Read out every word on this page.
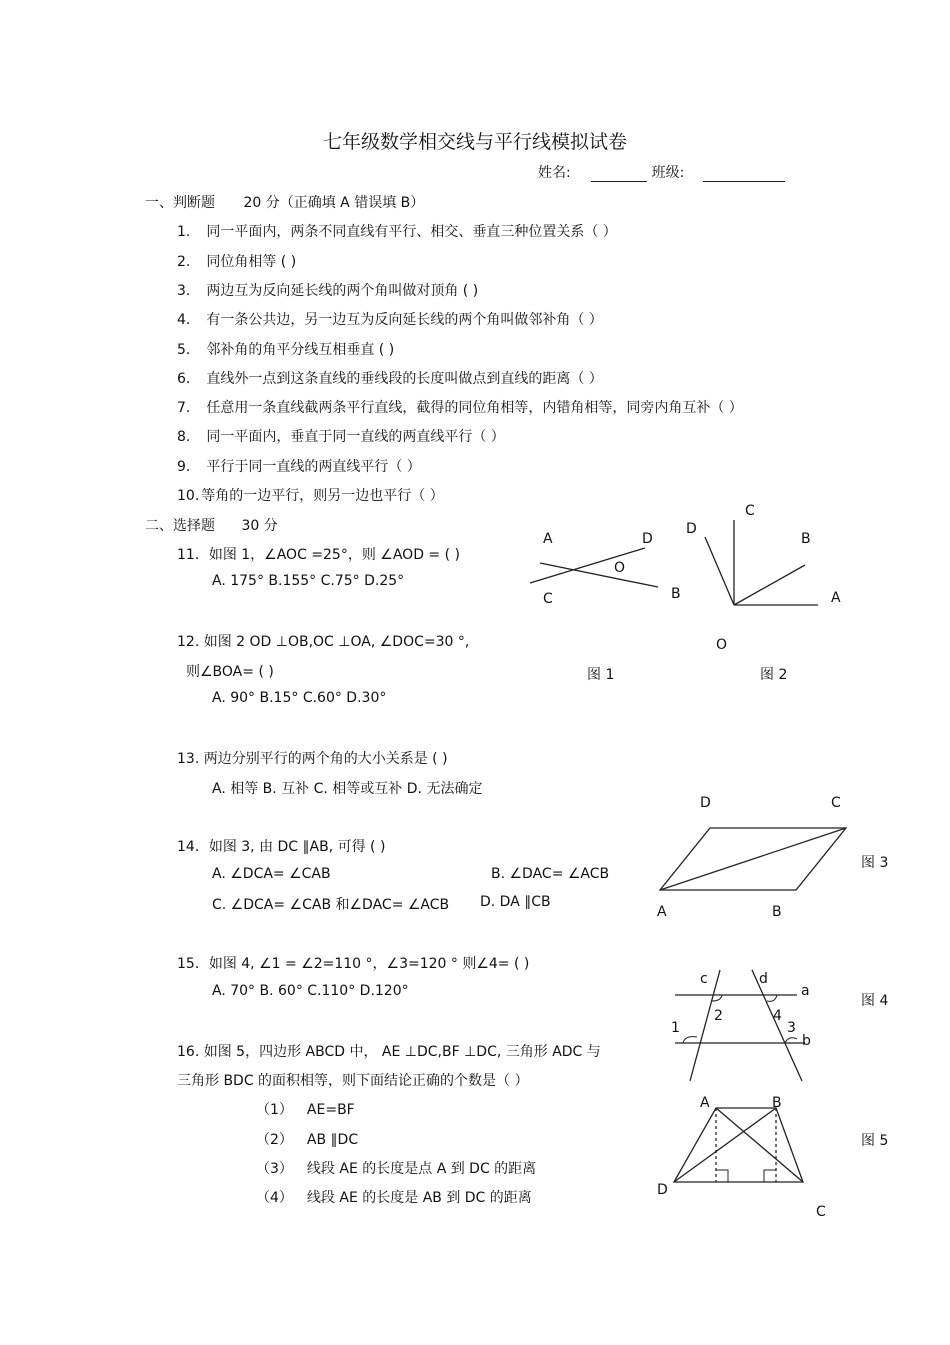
七年级数学相交线与平行线模拟试卷
姓名:	班级:
一、判断题 20 分（正确填 A 错误填 B）
1. 同一平面内，两条不同直线有平行、相交、垂直三种位置关系（ ）
2. 同位角相等 ( )
3. 两边互为反向延长线的两个角叫做对顶角 ( )
4. 有一条公共边，另一边互为反向延长线的两个角叫做邻补角（ ）
5. 邻补角的角平分线互相垂直 ( )
6. 直线外一点到这条直线的垂线段的长度叫做点到直线的距离（ ）
7. 任意用一条直线截两条平行直线，截得的同位角相等，内错角相等，同旁内角互补（ ）
8. 同一平面内，垂直于同一直线的两直线平行（ ）
9. 平行于同一直线的两直线平行（ ）
10. 等角的一边平行，则另一边也平行（ ）
二、选择题 30 分
11．如图 1，∠AOC =25°，则 ∠AOD = ( )
A. 175° B.155° C.75° D.25°
12. 如图 2 OD ⊥OB,OC ⊥OA, ∠DOC=30 °,
则∠BOA= ( )
A. 90° B.15° C.60° D.30°
13. 两边分别平行的两个角的大小关系是 ( )
A. 相等 B. 互补 C. 相等或互补 D. 无法确定
14．如图 3, 由 DC ∥AB, 可得 ( )
A. ∠DCA= ∠CAB	B. ∠DAC= ∠ACB
C. ∠DCA= ∠CAB 和∠DAC= ∠ACB D. DA ∥CB
15．如图 4, ∠1 = ∠2=110 °，∠3=120 ° 则∠4= ( )
A. 70° B. 60° C.110° D.120°
16. 如图 5，四边形 ABCD 中， AE ⊥DC,BF ⊥DC, 三角形 ADC 与
三角形 BDC 的面积相等，则下面结论正确的个数是（ ）
（1） AE=BF
（2） AB ∥DC
（3） 线段 AE 的长度是点 A 到 DC 的距离
（4） 线段 AE 的长度是 AB 到 DC 的距离
A	D
O
C	B
图 1
C
D
B
A
O
图 2
D	C
A	B
图 3
c	d
a
2	4
1	3
b
图 4
A	B
D
C
图 5
